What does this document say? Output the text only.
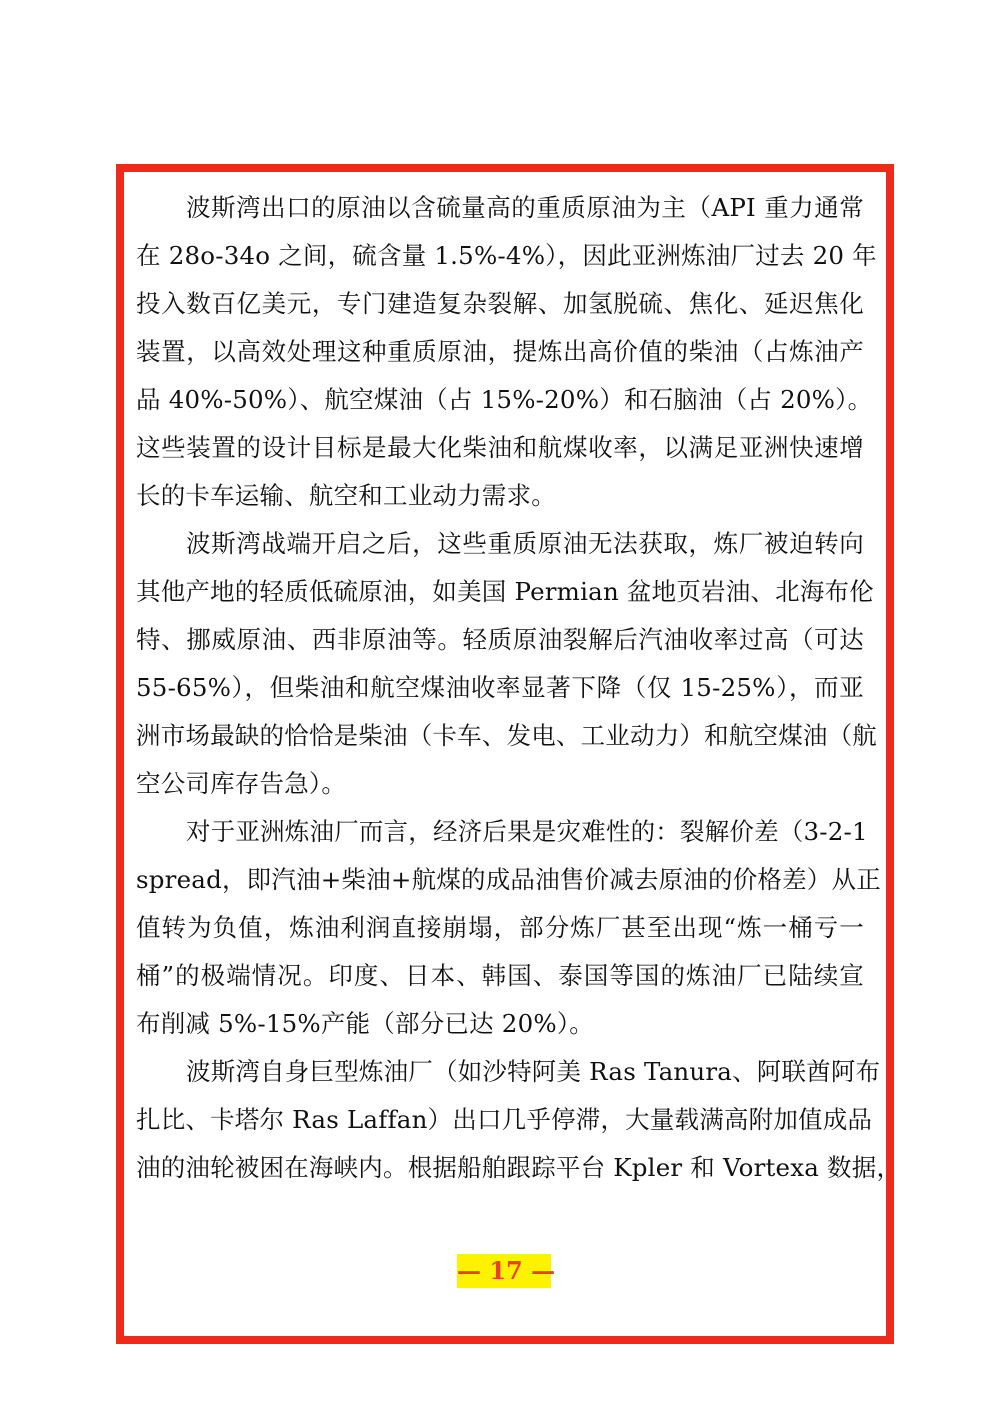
波斯湾出口的原油以含硫量高的重质原油为主（API 重力通常
在 28o-34o 之间，硫含量 1.5%-4%），因此亚洲炼油厂过去 20 年
投入数百亿美元，专门建造复杂裂解、加氢脱硫、焦化、延迟焦化
装置，以高效处理这种重质原油，提炼出高价值的柴油（占炼油产
品 40%-50%）、航空煤油（占 15%-20%）和石脑油（占 20%）。
这些装置的设计目标是最大化柴油和航煤收率，以满足亚洲快速增
长的卡车运输、航空和工业动力需求。
波斯湾战端开启之后，这些重质原油无法获取，炼厂被迫转向
其他产地的轻质低硫原油，如美国 Permian 盆地页岩油、北海布伦
特、挪威原油、西非原油等。轻质原油裂解后汽油收率过高（可达
55-65%），但柴油和航空煤油收率显著下降（仅 15-25%），而亚
洲市场最缺的恰恰是柴油（卡车、发电、工业动力）和航空煤油（航
空公司库存告急）。
对于亚洲炼油厂而言，经济后果是灾难性的：裂解价差（3-2-1
spread，即汽油+柴油+航煤的成品油售价减去原油的价格差）从正
值转为负值，炼油利润直接崩塌，部分炼厂甚至出现“炼一桶亏一
桶”的极端情况。印度、日本、韩国、泰国等国的炼油厂已陆续宣
布削减 5%-15%产能（部分已达 20%）。
波斯湾自身巨型炼油厂（如沙特阿美 Ras Tanura、阿联酋阿布
扎比、卡塔尔 Ras Laffan）出口几乎停滞，大量载满高附加值成品
油的油轮被困在海峡内。根据船舶跟踪平台 Kpler 和 Vortexa 数据，
— 17 —
